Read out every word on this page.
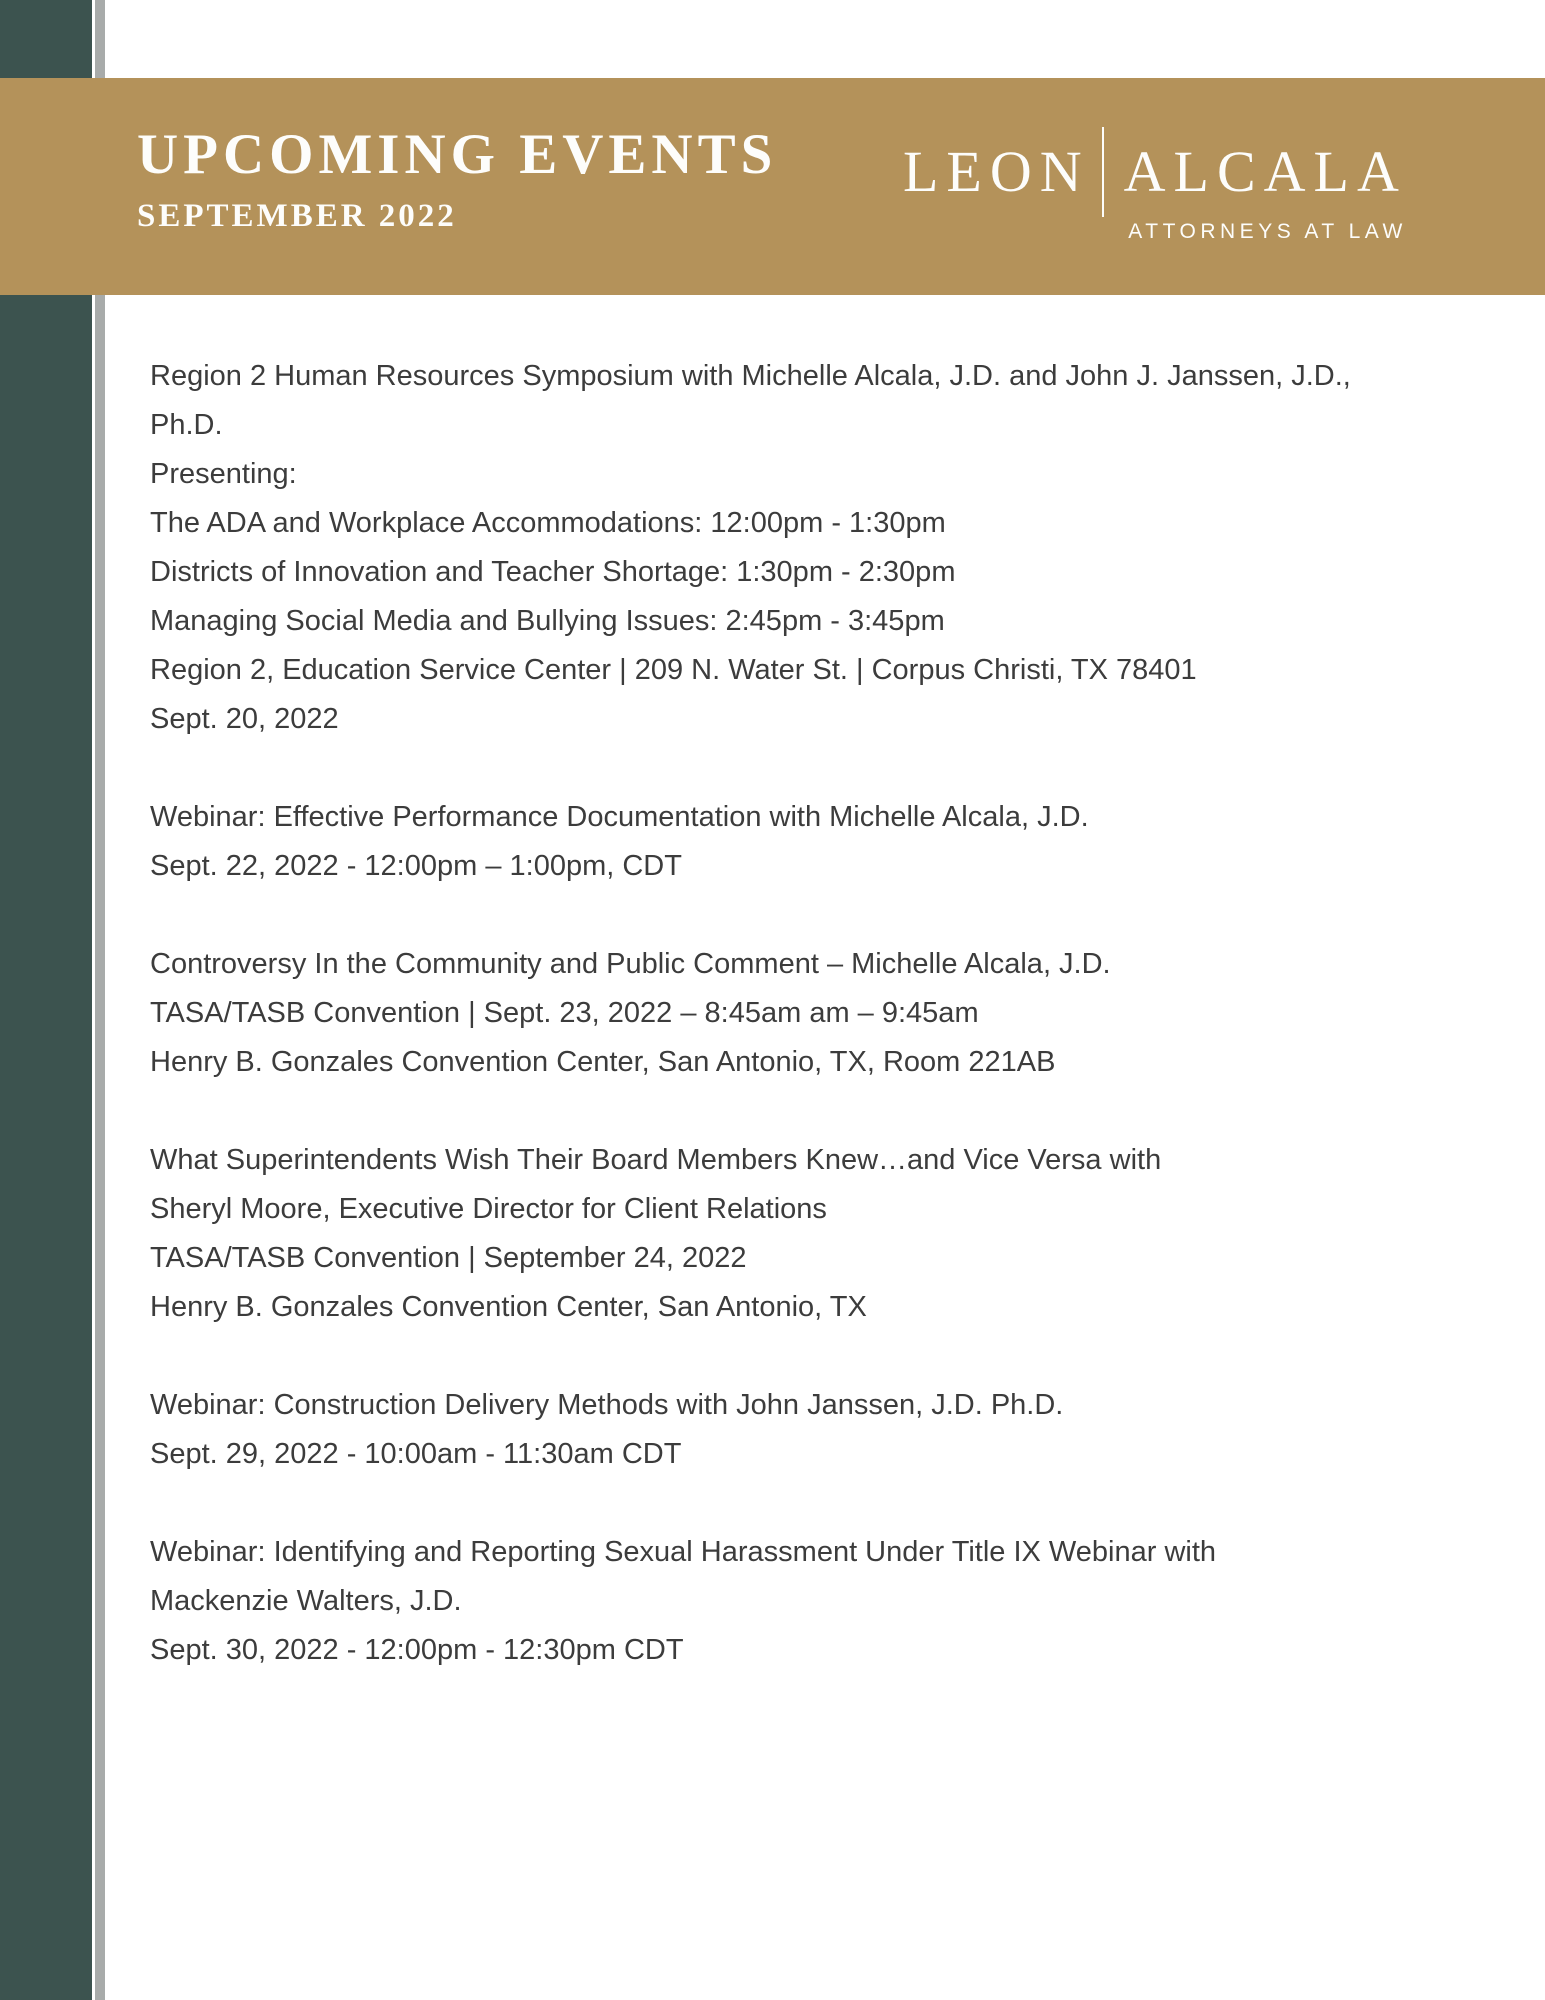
UPCOMING EVENTS
SEPTEMBER 2022
LEON ALCALA
ATTORNEYS AT LAW
Region 2 Human Resources Symposium with Michelle Alcala, J.D. and John J. Janssen, J.D.,
Ph.D.
Presenting:
The ADA and Workplace Accommodations: 12:00pm - 1:30pm
Districts of Innovation and Teacher Shortage: 1:30pm - 2:30pm
Managing Social Media and Bullying Issues: 2:45pm - 3:45pm
Region 2, Education Service Center | 209 N. Water St. | Corpus Christi, TX 78401
Sept. 20, 2022
Webinar: Effective Performance Documentation with Michelle Alcala, J.D.
Sept. 22, 2022 - 12:00pm – 1:00pm, CDT
Controversy In the Community and Public Comment – Michelle Alcala, J.D.
TASA/TASB Convention | Sept. 23, 2022 – 8:45am am – 9:45am
Henry B. Gonzales Convention Center, San Antonio, TX, Room 221AB
What Superintendents Wish Their Board Members Knew…and Vice Versa with
Sheryl Moore, Executive Director for Client Relations
TASA/TASB Convention | September 24, 2022
Henry B. Gonzales Convention Center, San Antonio, TX
Webinar: Construction Delivery Methods with John Janssen, J.D. Ph.D.
Sept. 29, 2022 - 10:00am - 11:30am CDT
Webinar: Identifying and Reporting Sexual Harassment Under Title IX Webinar with
Mackenzie Walters, J.D.
Sept. 30, 2022 - 12:00pm - 12:30pm CDT
